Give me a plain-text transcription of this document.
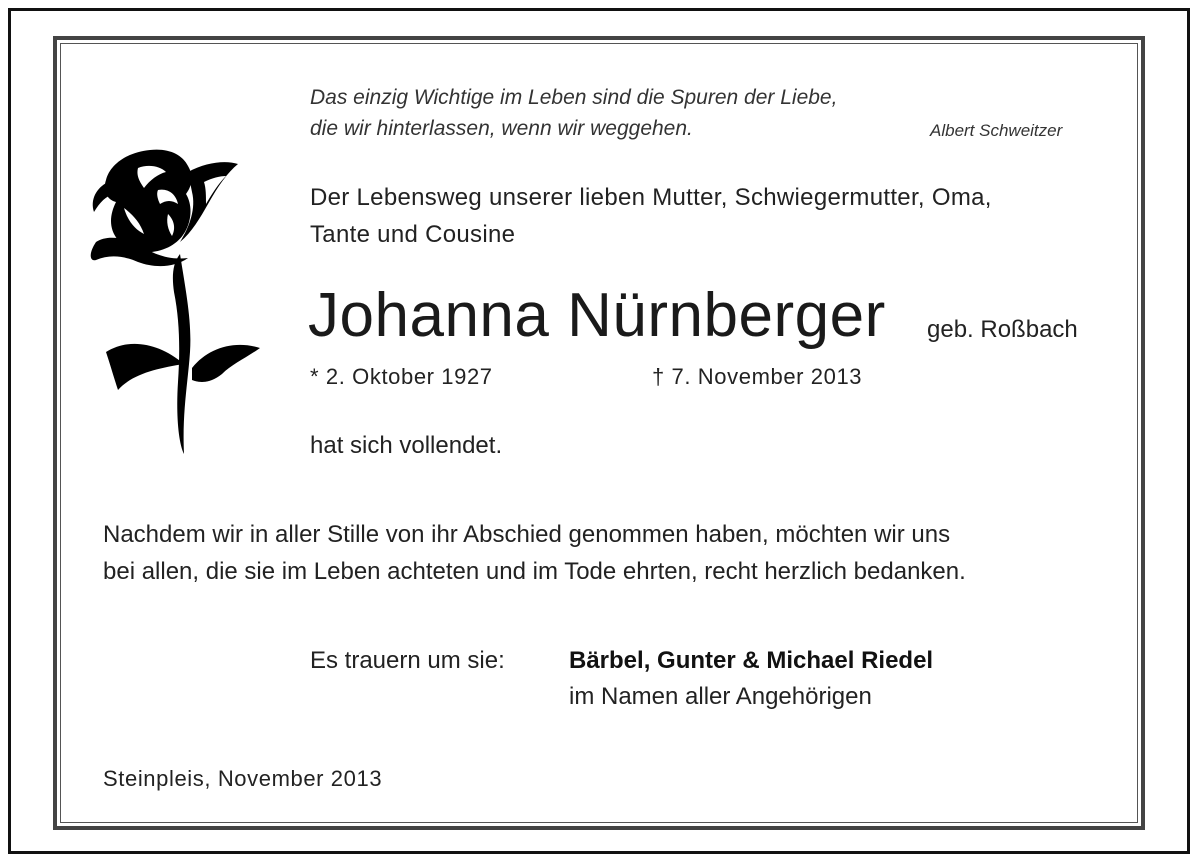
Das einzig Wichtige im Leben sind die Spuren der Liebe,
die wir hinterlassen, wenn wir weggehen.	Albert Schweitzer
Der Lebensweg unserer lieben Mutter, Schwiegermutter, Oma,
Tante und Cousine
Johanna Nürnberger geb. Roßbach
* 2. Oktober 1927	† 7. November 2013
hat sich vollendet.
Nachdem wir in aller Stille von ihr Abschied genommen haben, möchten wir uns
bei allen, die sie im Leben achteten und im Tode ehrten, recht herzlich bedanken.
Es trauern um sie:	Bärbel, Gunter & Michael Riedel
im Namen aller Angehörigen
Steinpleis, November 2013
